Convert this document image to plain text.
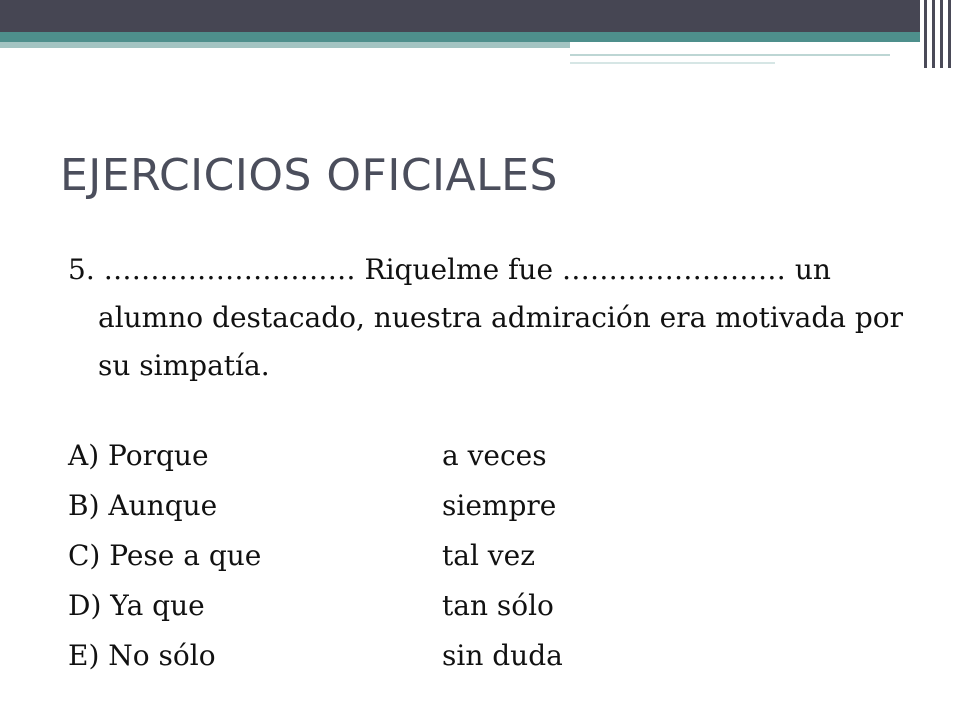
EJERCICIOS OFICIALES
5. ……………………… Riquelme fue …………………… un alumno destacado, nuestra admiración era motivada por su simpatía.
A) Porque	a veces
B) Aunque	siempre
C) Pese a que	tal vez
D) Ya que	tan sólo
E) No sólo	sin duda
